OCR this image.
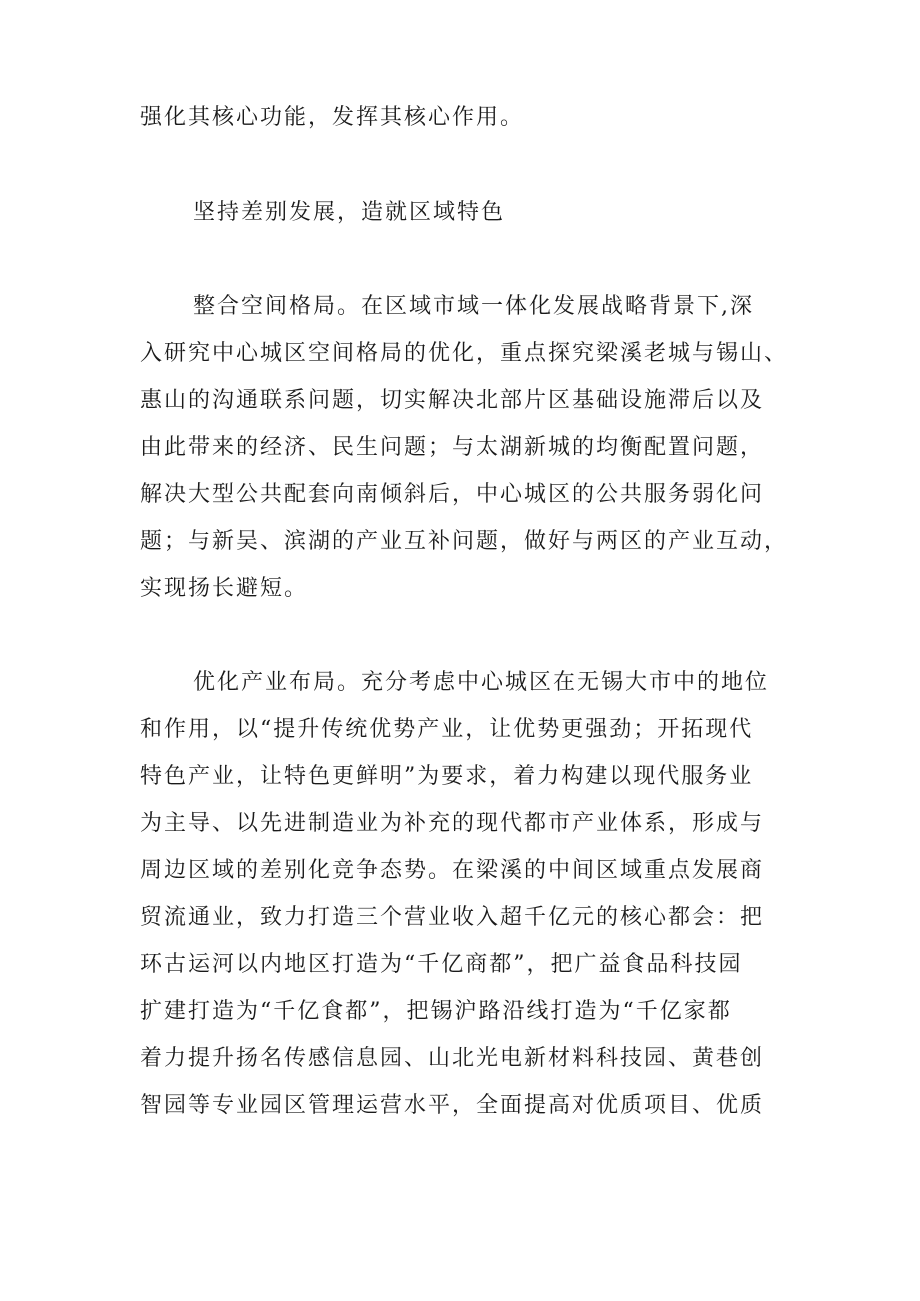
强化其核心功能，发挥其核心作用。
坚持差别发展，造就区域特色
整合空间格局。在区域市域一体化发展战略背景下,深
入研究中心城区空间格局的优化，重点探究梁溪老城与锡山、
惠山的沟通联系问题，切实解决北部片区基础设施滞后以及
由此带来的经济、民生问题；与太湖新城的均衡配置问题，
解决大型公共配套向南倾斜后，中心城区的公共服务弱化问
题；与新吴、滨湖的产业互补问题，做好与两区的产业互动，
实现扬长避短。
优化产业布局。充分考虑中心城区在无锡大市中的地位
和作用，以“提升传统优势产业，让优势更强劲；开拓现代
特色产业，让特色更鲜明”为要求，着力构建以现代服务业
为主导、以先进制造业为补充的现代都市产业体系，形成与
周边区域的差别化竞争态势。在梁溪的中间区域重点发展商
贸流通业，致力打造三个营业收入超千亿元的核心都会：把
环古运河以内地区打造为“千亿商都”，把广益食品科技园
扩建打造为“千亿食都”，把锡沪路沿线打造为“千亿家都
着力提升扬名传感信息园、山北光电新材料科技园、黄巷创
智园等专业园区管理运营水平，全面提高对优质项目、优质
